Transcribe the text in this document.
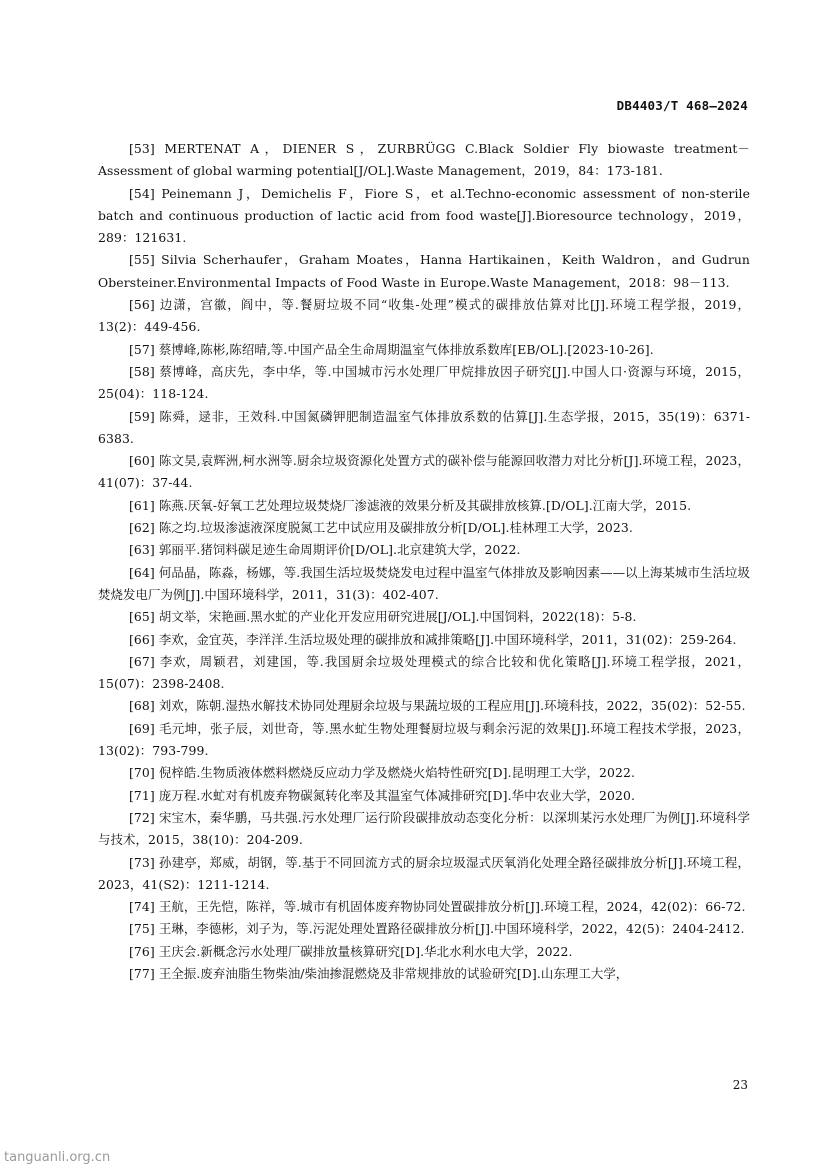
DB4403/T 468—2024

[53] MERTENAT A，DIENER S，ZURBRÜGG C.Black Soldier Fly biowaste treatment－Assessment of global warming potential[J/OL].Waste Management，2019，84：173-181.

[54] Peinemann J，Demichelis F，Fiore S，et al.Techno-economic assessment of non-sterile batch and continuous production of lactic acid from food waste[J].Bioresource technology，2019，289：121631.

[55] Silvia Scherhaufer，Graham Moates，Hanna Hartikainen，Keith Waldron，and Gudrun Obersteiner.Environmental Impacts of Food Waste in Europe.Waste Management，2018：98－113.

[56] 边潇，宫徽，阎中，等.餐厨垃圾不同“收集-处理”模式的碳排放估算对比[J].环境工程学报，2019，13(2)：449-456.

[57] 蔡博峰,陈彬,陈绍晴,等.中国产品全生命周期温室气体排放系数库[EB/OL].[2023-10-26].

[58] 蔡博峰，高庆先，李中华，等.中国城市污水处理厂甲烷排放因子研究[J].中国人口·资源与环境，2015，25(04)：118-124.

[59] 陈舜，逯非，王效科.中国氮磷钾肥制造温室气体排放系数的估算[J].生态学报，2015，35(19)：6371-6383.

[60] 陈文昊,袁辉洲,柯水洲等.厨余垃圾资源化处置方式的碳补偿与能源回收潜力对比分析[J].环境工程，2023，41(07)：37-44.

[61] 陈燕.厌氧-好氧工艺处理垃圾焚烧厂渗滤液的效果分析及其碳排放核算.[D/OL].江南大学，2015.

[62] 陈之均.垃圾渗滤液深度脱氮工艺中试应用及碳排放分析[D/OL].桂林理工大学，2023.

[63] 郭丽平.猪饲料碳足迹生命周期评价[D/OL].北京建筑大学，2022.

[64] 何品晶，陈淼，杨娜，等.我国生活垃圾焚烧发电过程中温室气体排放及影响因素——以上海某城市生活垃圾焚烧发电厂为例[J].中国环境科学，2011，31(3)：402-407.

[65] 胡文举，宋艳画.黑水虻的产业化开发应用研究进展[J/OL].中国饲料，2022(18)：5-8.

[66] 李欢，金宜英，李洋洋.生活垃圾处理的碳排放和减排策略[J].中国环境科学，2011，31(02)：259-264.

[67] 李欢，周颖君，刘建国，等.我国厨余垃圾处理模式的综合比较和优化策略[J].环境工程学报，2021，15(07)：2398-2408.

[68] 刘欢，陈朝.湿热水解技术协同处理厨余垃圾与果蔬垃圾的工程应用[J].环境科技，2022，35(02)：52-55.

[69] 毛元坤，张子辰，刘世奇，等.黑水虻生物处理餐厨垃圾与剩余污泥的效果[J].环境工程技术学报，2023，13(02)：793-799.

[70] 倪梓皓.生物质液体燃料燃烧反应动力学及燃烧火焰特性研究[D].昆明理工大学，2022.

[71] 庞万程.水虻对有机废弃物碳氮转化率及其温室气体减排研究[D].华中农业大学，2020.

[72] 宋宝木，秦华鹏，马共强.污水处理厂运行阶段碳排放动态变化分析：以深圳某污水处理厂为例[J].环境科学与技术，2015，38(10)：204-209.

[73] 孙建亭，郑威，胡钢，等.基于不同回流方式的厨余垃圾湿式厌氧消化处理全路径碳排放分析[J].环境工程，2023，41(S2)：1211-1214.

[74] 王航，王先恺，陈祥，等.城市有机固体废弃物协同处置碳排放分析[J].环境工程，2024，42(02)：66-72.

[75] 王琳，李德彬，刘子为，等.污泥处理处置路径碳排放分析[J].中国环境科学，2022，42(5)：2404-2412.

[76] 王庆会.新概念污水处理厂碳排放量核算研究[D].华北水利水电大学，2022.

[77] 王全振.废弃油脂生物柴油/柴油掺混燃烧及非常规排放的试验研究[D].山东理工大学，

23
tanguanli.org.cn
